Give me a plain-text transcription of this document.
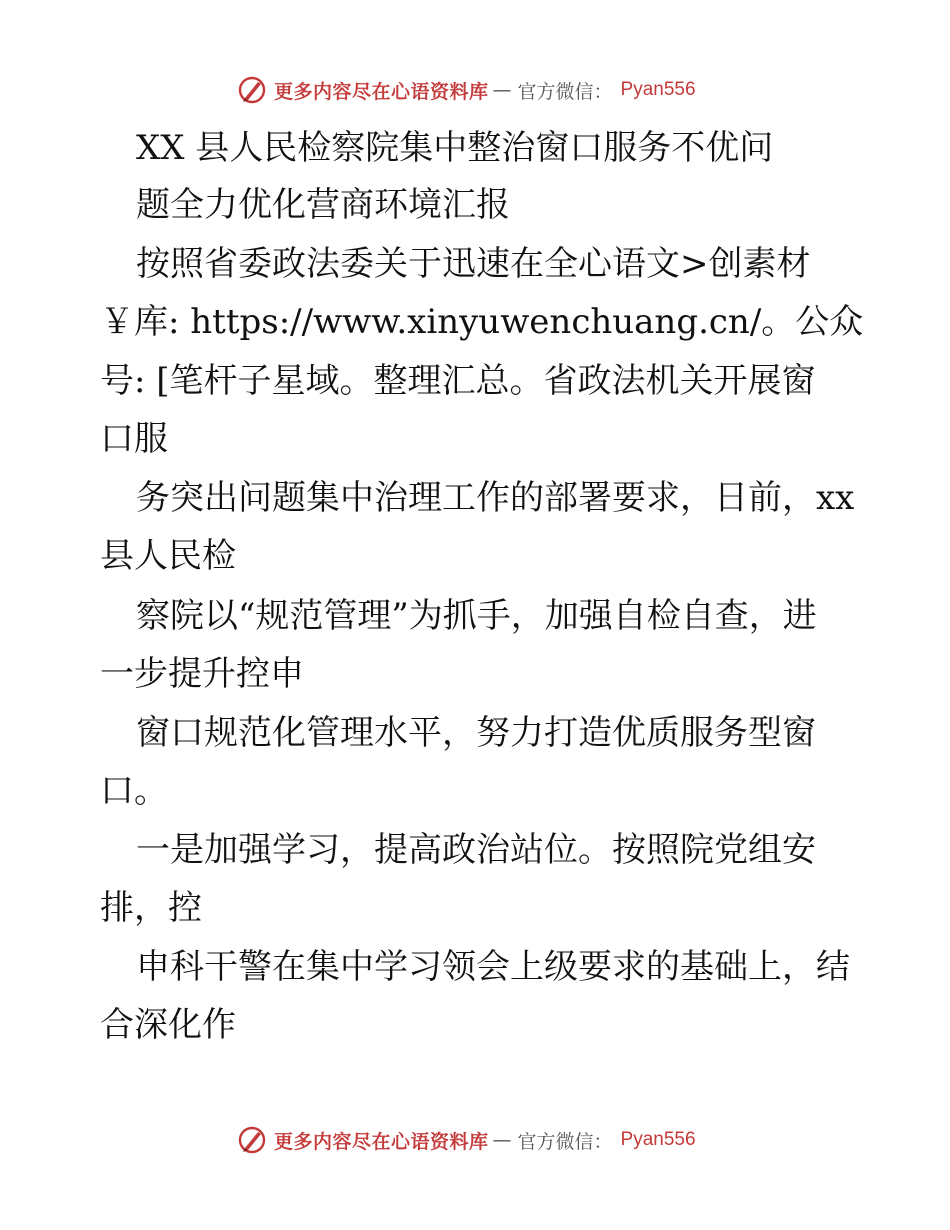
更多内容尽在心语资料库 — 官方微信： Pyan556
XX 县人民检察院集中整治窗口服务不优问
题全力优化营商环境汇报
按照省委政法委关于迅速在全心语文>创素材
￥库: https://www.xinyuwenchuang.cn/。公众
号: [笔杆子星域。整理汇总。省政法机关开展窗
口服
务突出问题集中治理工作的部署要求，日前，xx
县人民检
察院以“规范管理”为抓手，加强自检自查，进
一步提升控申
窗口规范化管理水平，努力打造优质服务型窗
口。
一是加强学习，提高政治站位。按照院党组安
排，控
申科干警在集中学习领会上级要求的基础上，结
合深化作
更多内容尽在心语资料库 — 官方微信： Pyan556
